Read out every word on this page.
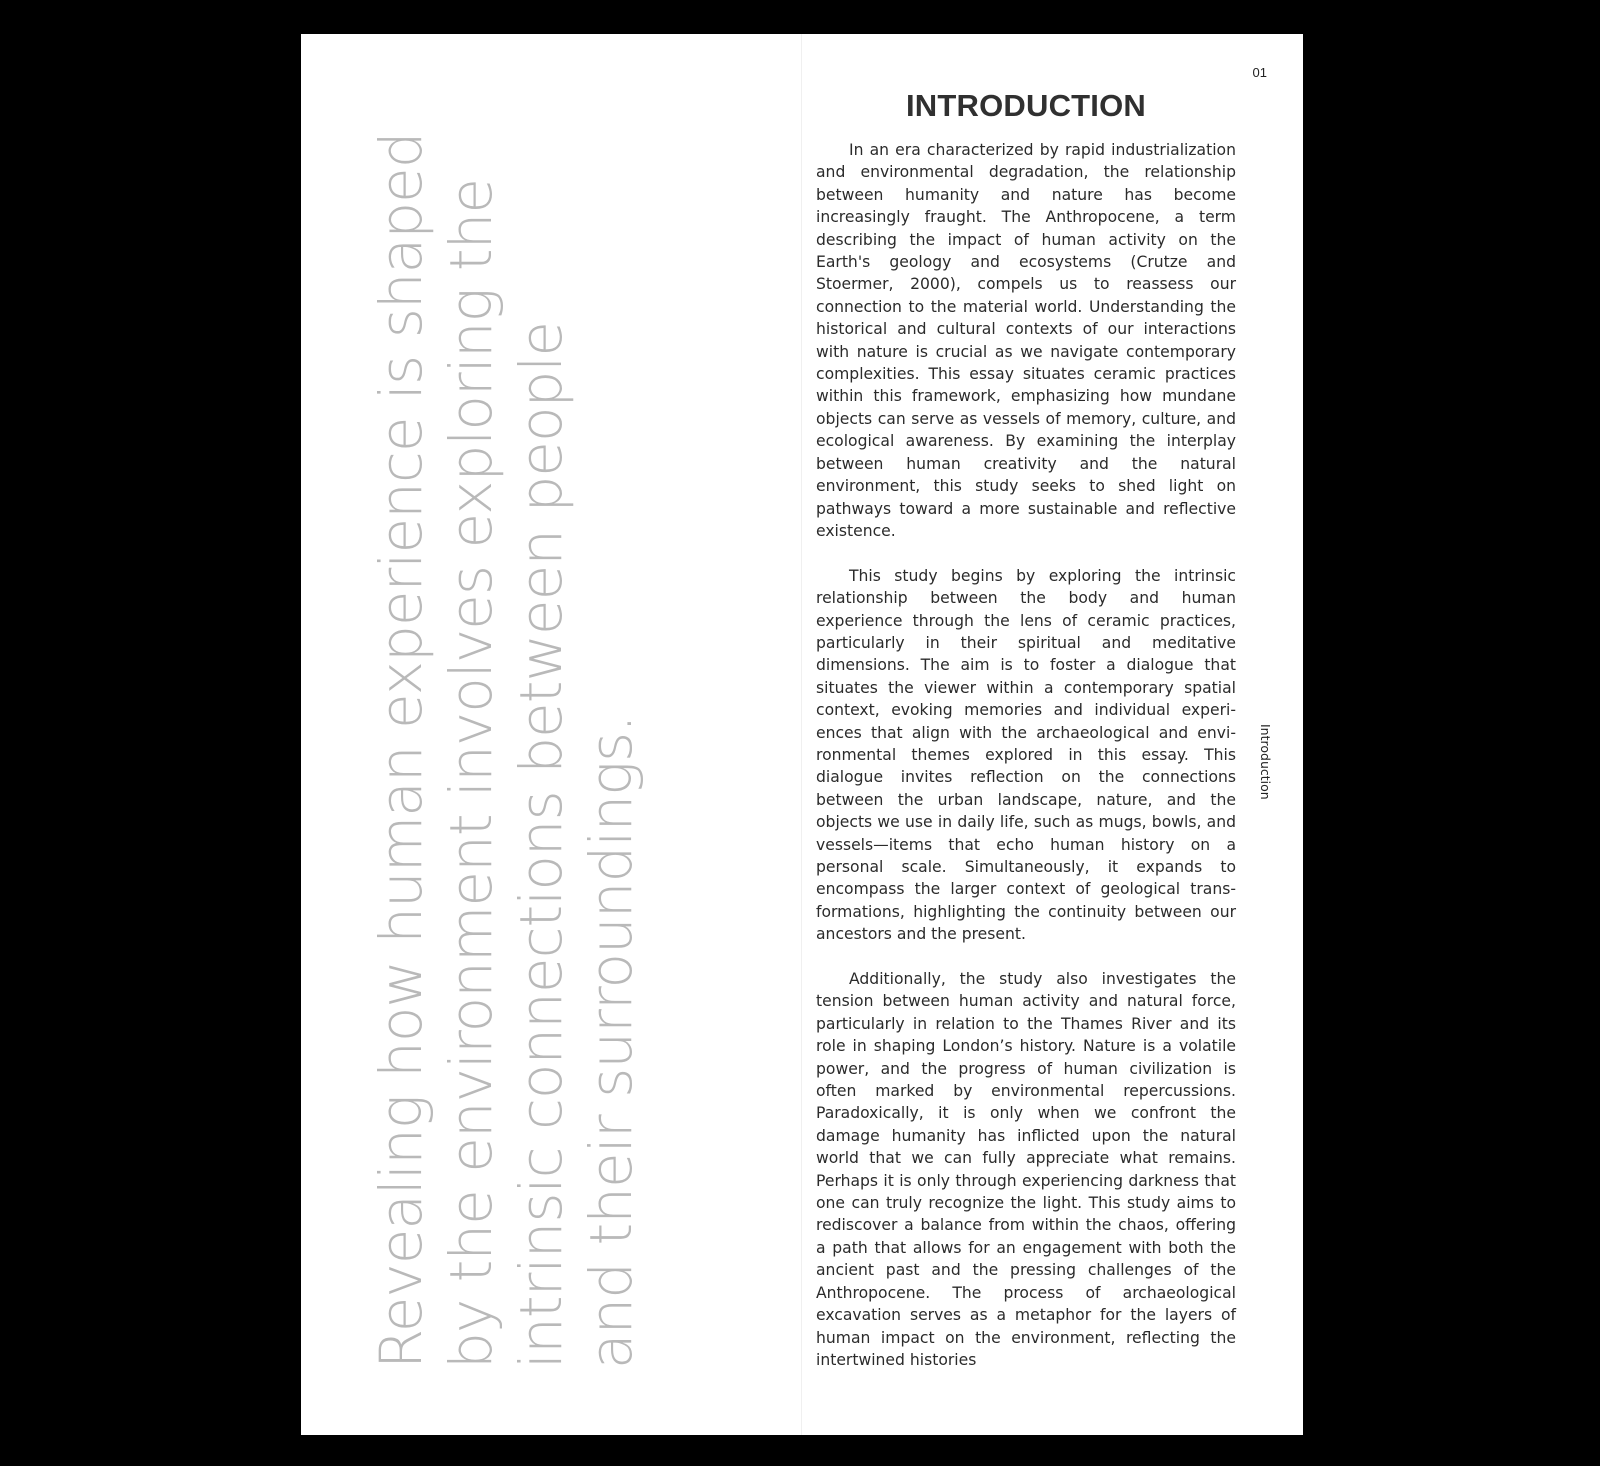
Revealing how human experience is shaped by the environment involves exploring the intrinsic connections between people and their surroundings.
01
INTRODUCTION

In an era characterized by rapid industrialization and environmental degradation, the relationship between humanity and nature has become increasingly fraught. The Anthropocene, a term describing the impact of human activity on the Earth's geology and ecosystems (Crutze and Stoermer, 2000), compels us to reassess our connection to the material world. Understanding the historical and cultural contexts of our interactions with nature is crucial as we navigate contemporary complexities. This essay situates ceramic practices within this framework, emphasizing how mundane objects can serve as vessels of memory, culture, and ecological awareness. By examining the interplay between human creativity and the natural environment, this study seeks to shed light on pathways toward a more sustainable and reflective existence.

This study begins by exploring the intrinsic relationship between the body and human experience through the lens of ceramic practices, particularly in their spiritual and meditative dimensions. The aim is to foster a dialogue that situates the viewer within a contemporary spatial context, evoking memories and individual experiences that align with the archaeological and environmental themes explored in this essay. This dialogue invites reflection on the connections between the urban landscape, nature, and the objects we use in daily life, such as mugs, bowls, and vessels—items that echo human history on a personal scale. Simultaneously, it expands to encompass the larger context of geological transformations, highlighting the continuity between our ancestors and the present.

Additionally, the study also investigates the tension between human activity and natural force, particularly in relation to the Thames River and its role in shaping London’s history. Nature is a volatile power, and the progress of human civilization is often marked by environmental repercussions. Paradoxically, it is only when we confront the damage humanity has inflicted upon the natural world that we can fully appreciate what remains. Perhaps it is only through experiencing darkness that one can truly recognize the light. This study aims to rediscover a balance from within the chaos, offering a path that allows for an engagement with both the ancient past and the pressing challenges of the Anthropocene. The process of archaeological excavation serves as a metaphor for the layers of human impact on the environment, reflecting the intertwined histories

Introduction
